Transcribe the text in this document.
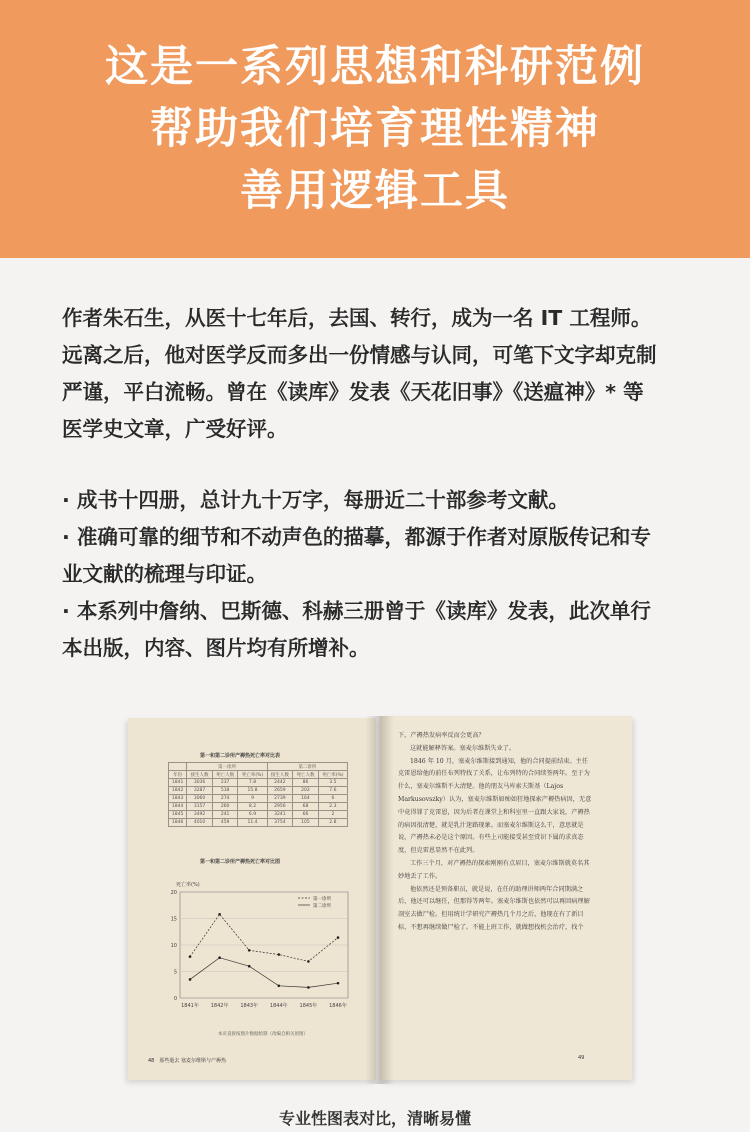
这是一系列思想和科研范例
帮助我们培育理性精神
善用逻辑工具

作者朱石生，从医十七年后，去国、转行，成为一名 IT 工程师。

远离之后，他对医学反而多出一份情感与认同，可笔下文字却克制

严谨，平白流畅。曾在《读库》发表《天花旧事》《送瘟神》* 等

医学史文章，广受好评。

· 成书十四册，总计九十万字，每册近二十部参考文献。

· 准确可靠的细节和不动声色的描摹，都源于作者对原版传记和专

业文献的梳理与印证。

· 本系列中詹纳、巴斯德、科赫三册曾于《读库》发表，此次单行

本出版，内容、图片均有所增补。

第一和第二诊所产褥热死亡率对比表
	第一诊所			第二诊所		
年份	接生人数	死亡人数	死亡率(%)	接生人数	死亡人数	死亡率(%)
1841	3036	237	7.8	2442	86	3.5
1842	3287	518	15.8	2659	202	7.6
1843	3060	274	9	2739	164	6
1844	3157	260	8.2	2956	68	2.3
1845	3492	241	6.9	3241	66	2
1846	4010	459	11.4	3754	105	2.8
第一和第二诊所产褥热死亡率对比图
0
5
10
15
20
死亡率(%)
1841年 1842年 1843年 1844年 1845年 1846年
第一诊所
第二诊所
本页直接按图片数据绘制（改编自相关原图）
48　那些逝去 塞麦尔维斯与产褥热

下，产褥热发病率反而会更高？

这就能解释答案。塞麦尔维斯失业了。

1846 年 10 月，塞麦尔维斯接到通知，他的合同提前结束。主任克雷恩给他的前任布列特找了关系，让布列特的合同续签两年。至于为什么，塞麦尔维斯不大清楚。他的朋友马库索夫斯基（Lajos Markusovszky）认为，塞麦尔维斯如痴如狂地探索产褥热病因，无意中竟得罪了克雷恩，因为后者在课堂上和科室里一直跟大家说，产褥热的病因很清楚，就是乳汁迷路现象。而塞麦尔维斯这么干，意思就是说，产褥热未必是这个原因。有些上司能接受甚至赏识下属的求真态度，但克雷恩显然不在此列。

工作三个月，对产褥热的探索刚刚有点眉目，塞麦尔维斯就莫名其妙地丢了工作。

他依然还是预备职员，就是说，在任的助理讲师两年合同期满之后，他还可以继任，但那得等两年。塞麦尔维斯也依然可以再回病理解剖室去做尸检。但用统计学研究产褥热几个月之后，他现在有了新目标，不想再继续做尸检了。不能上班工作，就做想找机会治疗，找个

49
专业性图表对比，清晰易懂
